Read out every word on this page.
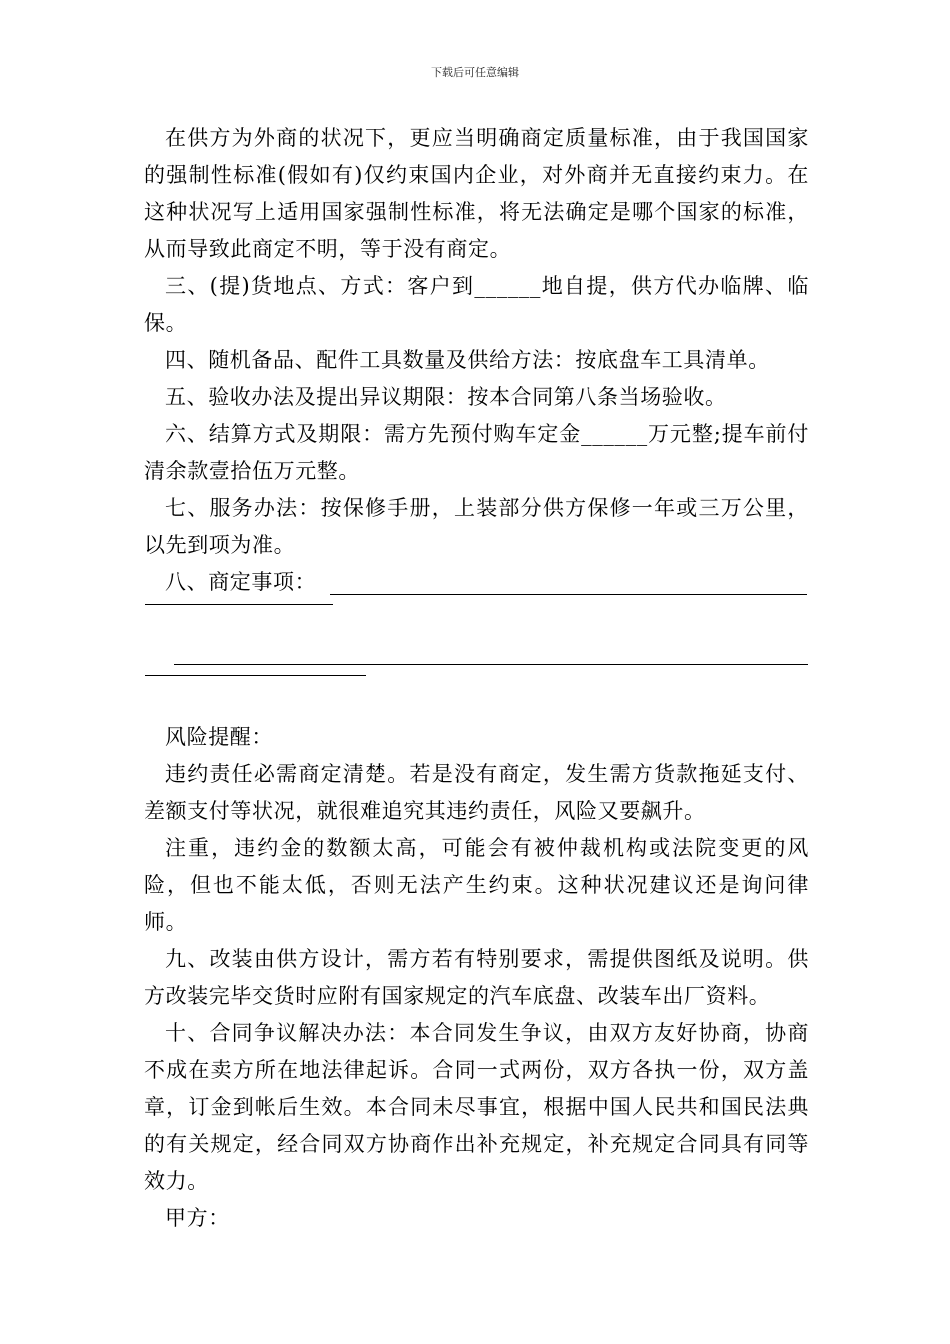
下载后可任意编辑

在供方为外商的状况下，更应当明确商定质量标准，由于我国国家的强制性标准(假如有)仅约束国内企业，对外商并无直接约束力。在这种状况写上适用国家强制性标准，将无法确定是哪个国家的标准，从而导致此商定不明，等于没有商定。

三、(提)货地点、方式：客户到______地自提，供方代办临牌、临保。

四、随机备品、配件工具数量及供给方法：按底盘车工具清单。

五、验收办法及提出异议期限：按本合同第八条当场验收。

六、结算方式及期限：需方先预付购车定金______万元整;提车前付清余款壹拾伍万元整。

七、服务办法：按保修手册，上装部分供方保修一年或三万公里，以先到项为准。

八、商定事项：

风险提醒：

违约责任必需商定清楚。若是没有商定，发生需方货款拖延支付、差额支付等状况，就很难追究其违约责任，风险又要飙升。

注重，违约金的数额太高，可能会有被仲裁机构或法院变更的风险，但也不能太低，否则无法产生约束。这种状况建议还是询问律师。

九、改装由供方设计，需方若有特别要求，需提供图纸及说明。供方改装完毕交货时应附有国家规定的汽车底盘、改装车出厂资料。

十、合同争议解决办法：本合同发生争议，由双方友好协商，协商不成在卖方所在地法律起诉。合同一式两份，双方各执一份，双方盖章，订金到帐后生效。本合同未尽事宜，根据中国人民共和国民法典的有关规定，经合同双方协商作出补充规定，补充规定合同具有同等效力。

甲方：
